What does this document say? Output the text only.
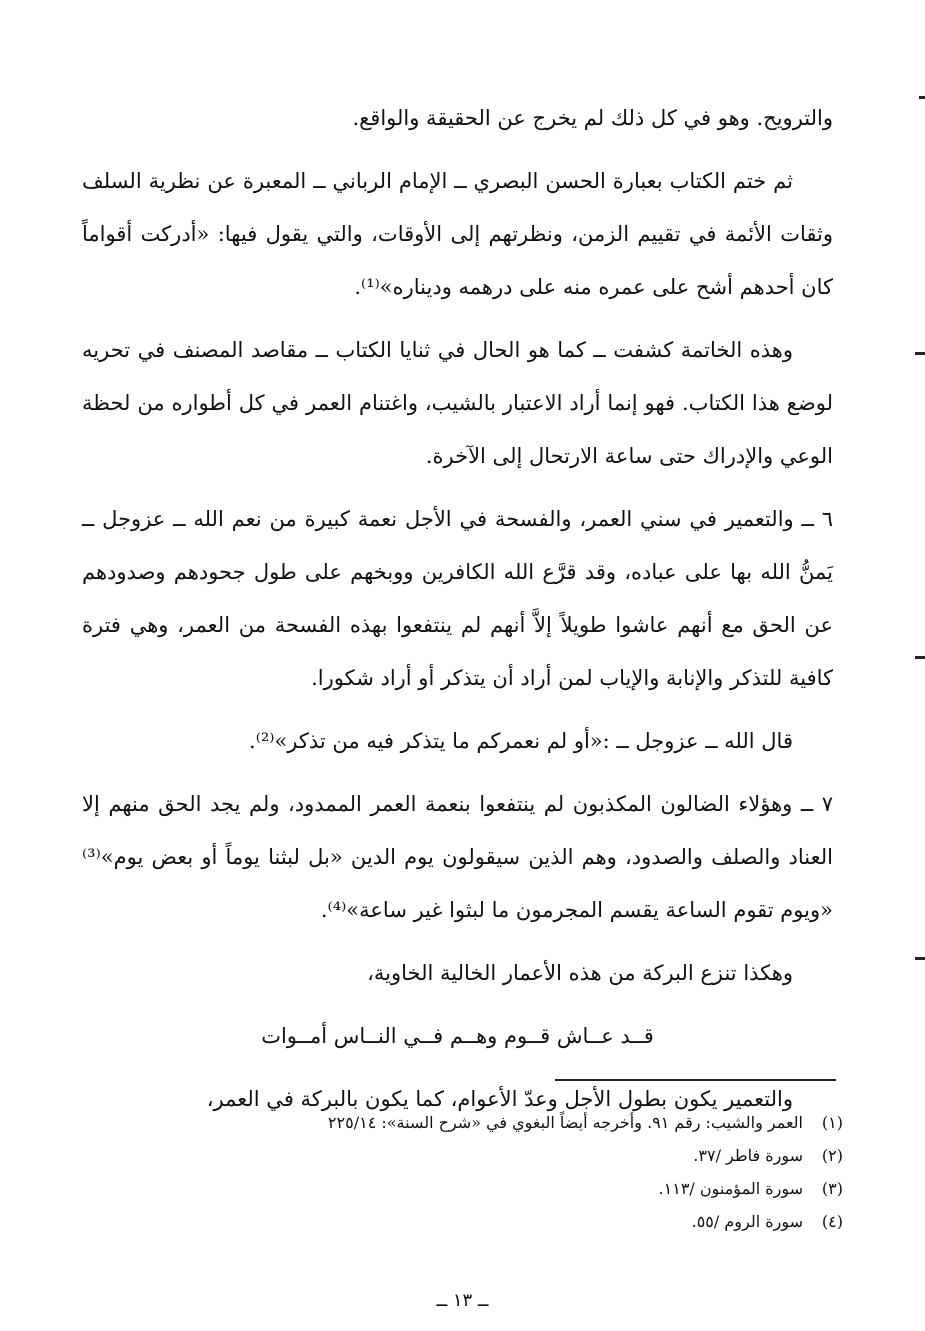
والترويح. وهو في كل ذلك لم يخرج عن الحقيقة والواقع.

ثم ختم الكتاب بعبارة الحسن البصري ــ الإمام الرباني ــ المعبرة عن نظرية السلف وثقات الأئمة في تقييم الزمن، ونظرتهم إلى الأوقات، والتي يقول فيها: «أدركت أقواماً كان أحدهم أشح على عمره منه على درهمه وديناره»⁽¹⁾.

وهذه الخاتمة كشفت ــ كما هو الحال في ثنايا الكتاب ــ مقاصد المصنف في تحريه لوضع هذا الكتاب. فهو إنما أراد الاعتبار بالشيب، واغتنام العمر في كل أطواره من لحظة الوعي والإدراك حتى ساعة الارتحال إلى الآخرة.

٦ ــ والتعمير في سني العمر، والفسحة في الأجل نعمة كبيرة من نعم الله ــ عزوجل ــ يَمنُّ الله بها على عباده، وقد قرَّع الله الكافرين ووبخهم على طول جحودهم وصدودهم عن الحق مع أنهم عاشوا طويلاً إلاَّ أنهم لم ينتفعوا بهذه الفسحة من العمر، وهي فترة كافية للتذكر والإنابة والإياب لمن أراد أن يتذكر أو أراد شكورا.

قال الله ــ عزوجل ــ :«أو لم نعمركم ما يتذكر فيه من تذكر»⁽²⁾.

٧ ــ وهؤلاء الضالون المكذبون لم ينتفعوا بنعمة العمر الممدود، ولم يجد الحق منهم إلا العناد والصلف والصدود، وهم الذين سيقولون يوم الدين «بل لبثنا يوماً أو بعض يوم»⁽³⁾ «ويوم تقوم الساعة يقسم المجرمون ما لبثوا غير ساعة»⁽⁴⁾.

وهكذا تنزع البركة من هذه الأعمار الخالية الخاوية،

قــد عــاش قــوم وهــم فــي النــاس أمــوات

والتعمير يكون بطول الأجل وعدّ الأعوام، كما يكون بالبركة في العمر،

(١)
العمر والشيب: رقم ٩١. وأخرجه أيضاً البغوي في «شرح السنة»: ٢٢٥/١٤
(٢)
سورة فاطر /٣٧.
(٣)
سورة المؤمنون /١١٣.
(٤)
سورة الروم /٥٥.
ــ ١٣ ــ
